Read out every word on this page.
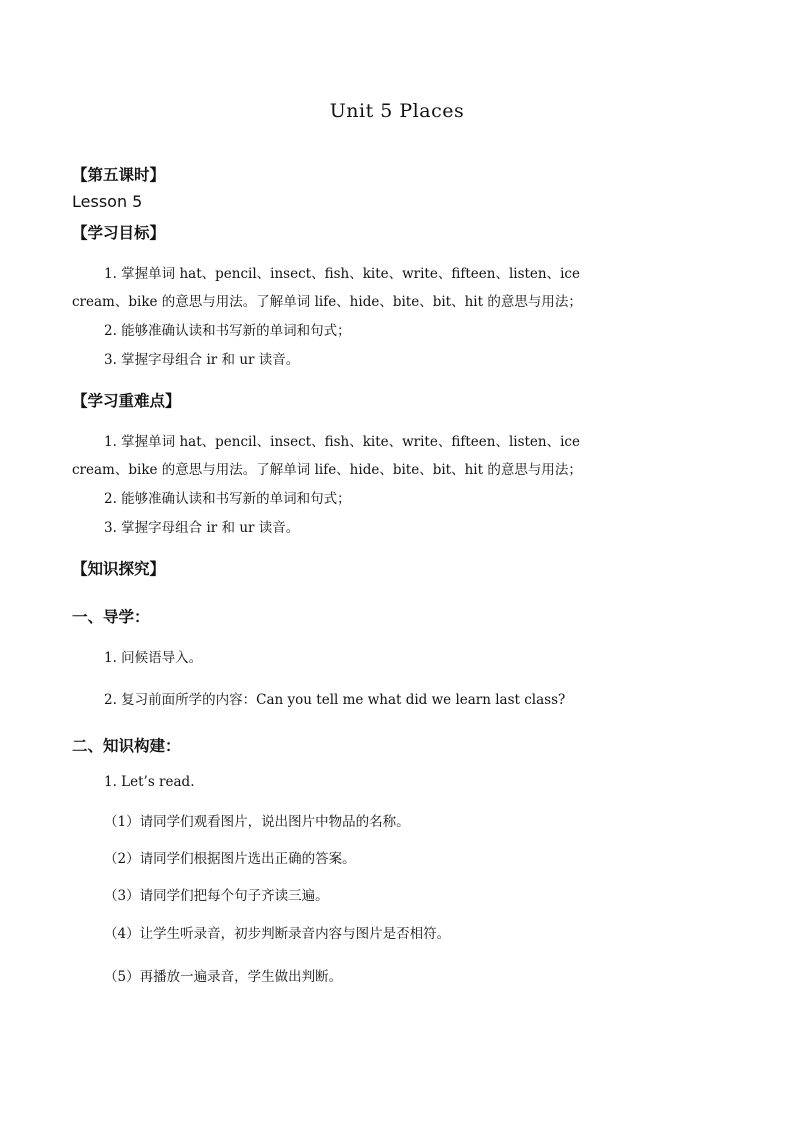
Unit 5 Places
【第五课时】
Lesson 5
【学习目标】
1. 掌握单词 hat、pencil、insect、fish、kite、write、fifteen、listen、ice
cream、bike 的意思与用法。了解单词 life、hide、bite、bit、hit 的意思与用法；
2. 能够准确认读和书写新的单词和句式；
3. 掌握字母组合 ir 和 ur 读音。
【学习重难点】
1. 掌握单词 hat、pencil、insect、fish、kite、write、fifteen、listen、ice
cream、bike 的意思与用法。了解单词 life、hide、bite、bit、hit 的意思与用法；
2. 能够准确认读和书写新的单词和句式；
3. 掌握字母组合 ir 和 ur 读音。
【知识探究】
一、导学：
1. 问候语导入。
2. 复习前面所学的内容：Can you tell me what did we learn last class?
二、知识构建：
1. Let’s read.
（1）请同学们观看图片，说出图片中物品的名称。
（2）请同学们根据图片选出正确的答案。
（3）请同学们把每个句子齐读三遍。
（4）让学生听录音，初步判断录音内容与图片是否相符。
（5）再播放一遍录音，学生做出判断。
